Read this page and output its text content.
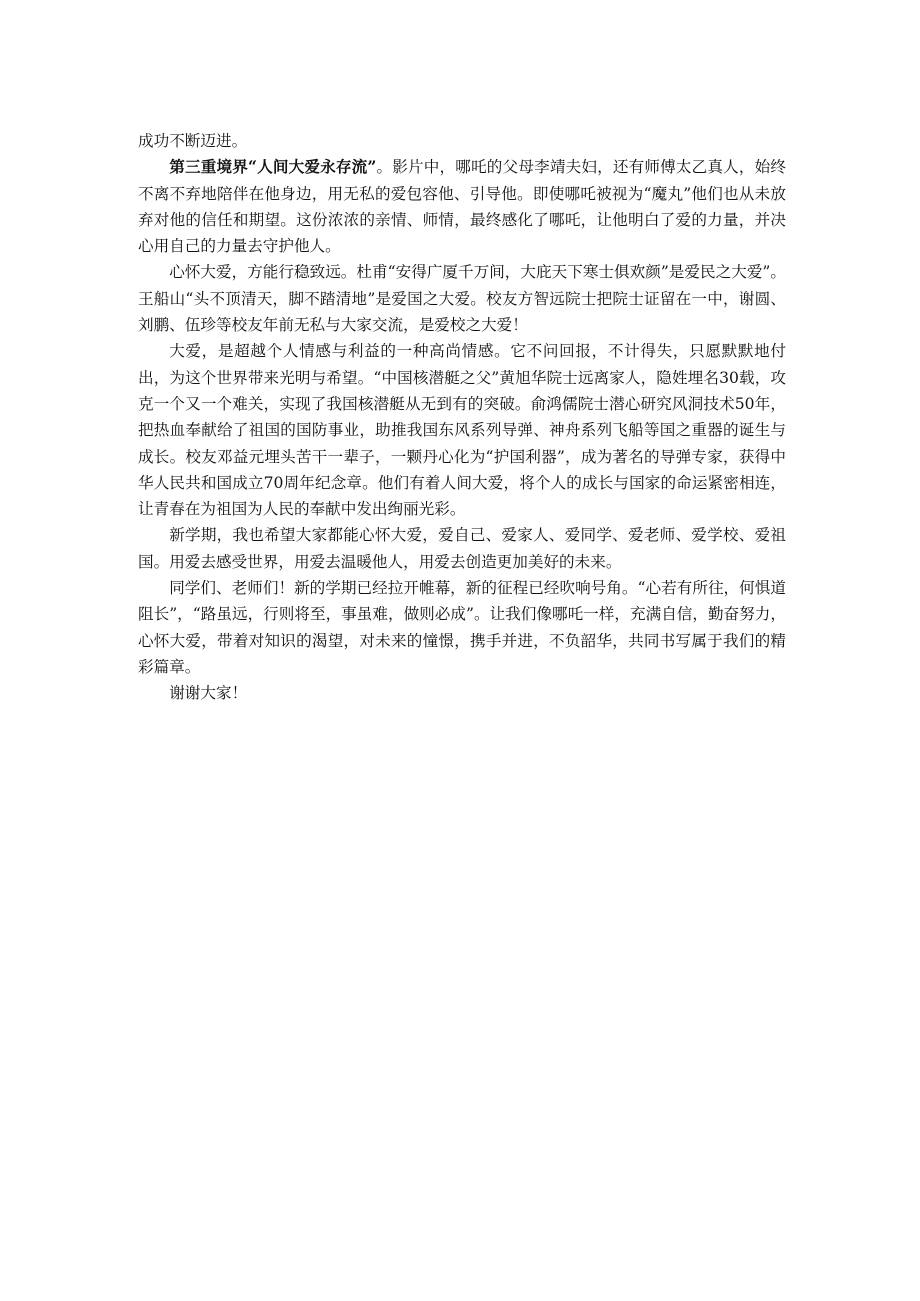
成功不断迈进。

第三重境界“人间大爱永存流”。影片中，哪吒的父母李靖夫妇，还有师傅太乙真人，始终不离不弃地陪伴在他身边，用无私的爱包容他、引导他。即使哪吒被视为“魔丸”他们也从未放弃对他的信任和期望。这份浓浓的亲情、师情，最终感化了哪吒，让他明白了爱的力量，并决心用自己的力量去守护他人。

心怀大爱，方能行稳致远。杜甫“安得广厦千万间，大庇天下寒士俱欢颜”是爱民之大爱”。王船山“头不顶清天，脚不踏清地”是爱国之大爱。校友方智远院士把院士证留在一中，谢圆、刘鹏、伍珍等校友年前无私与大家交流，是爱校之大爱！

大爱，是超越个人情感与利益的一种高尚情感。它不问回报，不计得失，只愿默默地付出，为这个世界带来光明与希望。“中国核潜艇之父”黄旭华院士远离家人，隐姓埋名30载，攻克一个又一个难关，实现了我国核潜艇从无到有的突破。俞鸿儒院士潜心研究风洞技术50年，把热血奉献给了祖国的国防事业，助推我国东风系列导弹、神舟系列飞船等国之重器的诞生与成长。校友邓益元埋头苦干一辈子，一颗丹心化为“护国利器”，成为著名的导弹专家，获得中华人民共和国成立70周年纪念章。他们有着人间大爱，将个人的成长与国家的命运紧密相连，让青春在为祖国为人民的奉献中发出绚丽光彩。

新学期，我也希望大家都能心怀大爱，爱自己、爱家人、爱同学、爱老师、爱学校、爱祖国。用爱去感受世界，用爱去温暖他人，用爱去创造更加美好的未来。

同学们、老师们！新的学期已经拉开帷幕，新的征程已经吹响号角。“心若有所往，何惧道阻长”，“路虽远，行则将至，事虽难，做则必成”。让我们像哪吒一样，充满自信，勤奋努力，心怀大爱，带着对知识的渴望，对未来的憧憬，携手并进，不负韶华，共同书写属于我们的精彩篇章。

谢谢大家！
